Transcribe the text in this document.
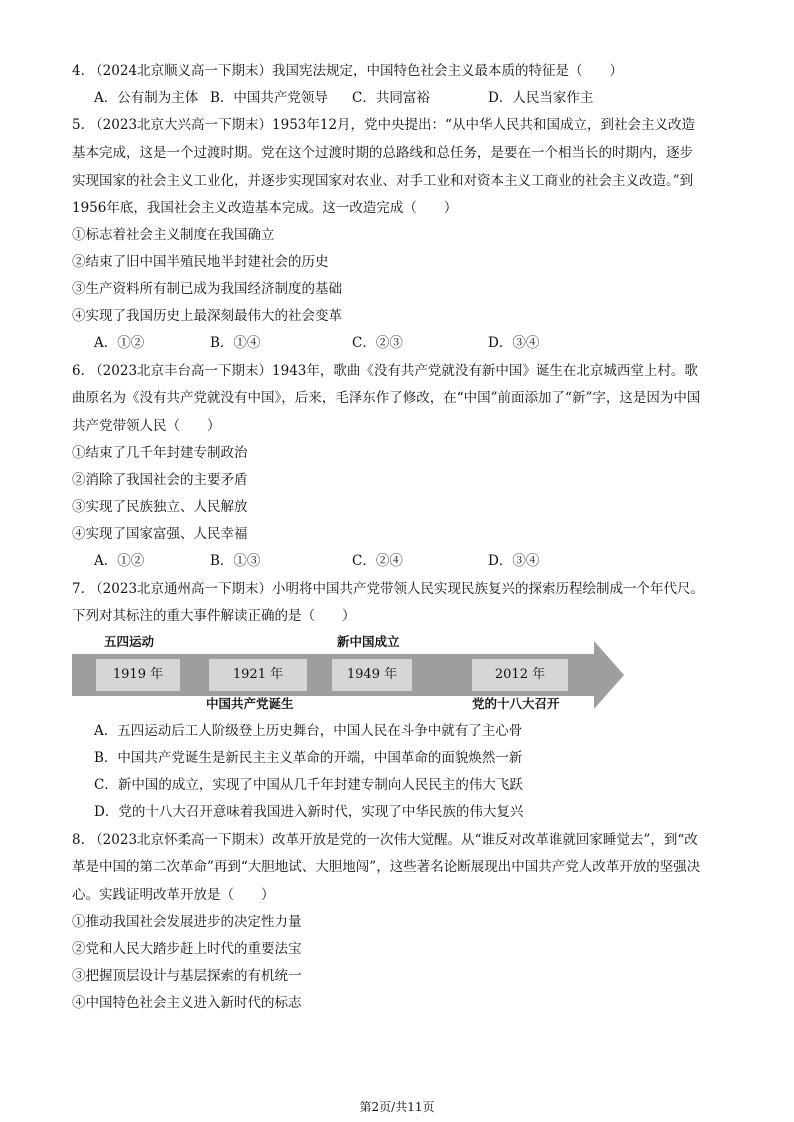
4. （2024北京顺义高一下期末）我国宪法规定，中国特色社会主义最本质的特征是（　　）
A．公有制为主体 B．中国共产党领导 C．共同富裕	D．人民当家作主
5. （2023北京大兴高一下期末）1953年12月，党中央提出：“从中华人民共和国成立，到社会主义改造
基本完成，这是一个过渡时期。党在这个过渡时期的总路线和总任务，是要在一个相当长的时期内，逐步
实现国家的社会主义工业化，并逐步实现国家对农业、对手工业和对资本主义工商业的社会主义改造。”到
1956年底，我国社会主义改造基本完成。这一改造完成（　　）
①标志着社会主义制度在我国确立
②结束了旧中国半殖民地半封建社会的历史
③生产资料所有制已成为我国经济制度的基础
④实现了我国历史上最深刻最伟大的社会变革
A．①②	B．①④	C．②③	D．③④
6. （2023北京丰台高一下期末）1943年，歌曲《没有共产党就没有新中国》诞生在北京城西堂上村。歌
曲原名为《没有共产党就没有中国》，后来，毛泽东作了修改，在“中国”前面添加了“新”字，这是因为中国
共产党带领人民（　　）
①结束了几千年封建专制政治
②消除了我国社会的主要矛盾
③实现了民族独立、人民解放
④实现了国家富强、人民幸福
A．①②	B．①③	C．②④	D．③④
7. （2023北京通州高一下期末）小明将中国共产党带领人民实现民族复兴的探索历程绘制成一个年代尺。
下列对其标注的重大事件解读正确的是（　　）
五四运动	新中国成立
1919 年	1921 年	1949 年	2012 年
中国共产党诞生	党的十八大召开
A．五四运动后工人阶级登上历史舞台，中国人民在斗争中就有了主心骨
B．中国共产党诞生是新民主主义革命的开端，中国革命的面貌焕然一新
C．新中国的成立，实现了中国从几千年封建专制向人民民主的伟大飞跃
D．党的十八大召开意味着我国进入新时代，实现了中华民族的伟大复兴
8. （2023北京怀柔高一下期末）改革开放是党的一次伟大觉醒。从“谁反对改革谁就回家睡觉去”，到“改
革是中国的第二次革命”再到“大胆地试、大胆地闯”，这些著名论断展现出中国共产党人改革开放的坚强决
心。实践证明改革开放是（　　）
①推动我国社会发展进步的决定性力量
②党和人民大踏步赶上时代的重要法宝
③把握顶层设计与基层探索的有机统一
④中国特色社会主义进入新时代的标志
第2页/共11页
